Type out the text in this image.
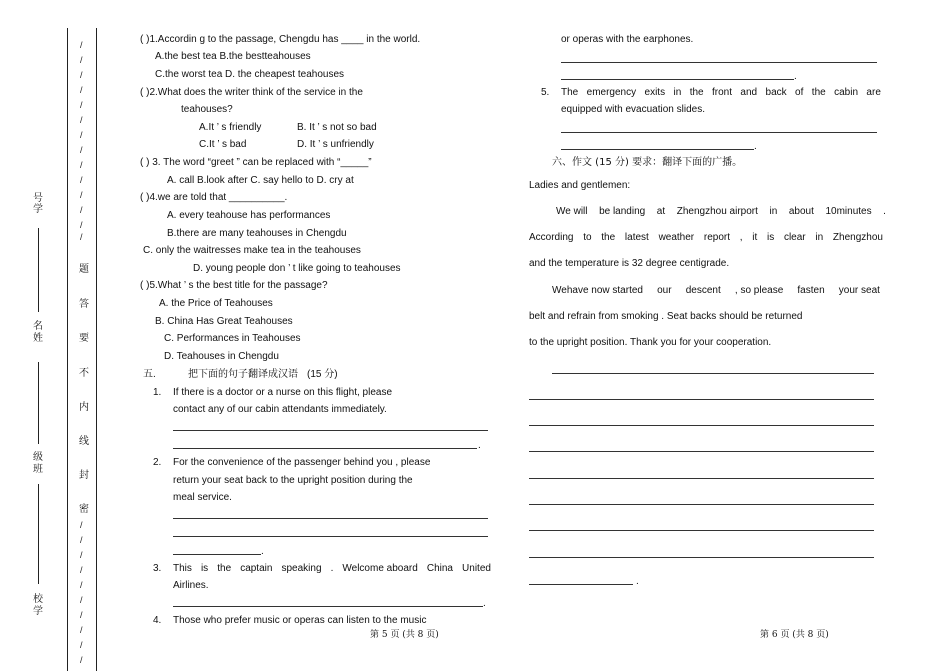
号
学
名
姓
级
班
校
学
/
/
/
/
/
/
/
/
/
/
/
/
/
/
/
/
/
/
/
/
/
/
/
/
题
答
要
不
内
线
封
密
( )1.Accordin g to the passage, Chengdu has ____ in the world.
A.the best tea B.the bestteahouses
C.the worst tea D. the cheapest teahouses
( )2.What does the writer think of the service in the
teahouses?
A.It ’ s friendly	B. It ’ s not so bad
C.It ’ s bad	D. It ’ s unfriendly
( ) 3. The word “greet ” can be replaced with “_____”
A. call B.look after C. say hello to D. cry at
( )4.we are told that __________.
A. every teahouse has performances
B.there are many teahouses in Chengdu
C. only the waitresses make tea in the teahouses
D. young people don ’ t like going to teahouses
( )5.What ’ s the best title for the passage?
A. the Price of Teahouses
B. China Has Great Teahouses
C. Performances in Teahouses
D. Teahouses in Chengdu
五.	把下面的句子翻译成汉语 (15 分)
1. If there is a doctor or a nurse on this flight, please
contact any of our cabin attendants immediately.
.
2. For the convenience of the passenger behind you , please
return your seat back to the upright position during the
meal service.
.
3. This is the captain speaking . Welcome aboard China United
Airlines.
.
4. Those who prefer music or operas can listen to the music
第 5 页 (共 8 页)
or operas with the earphones.
.
5. The emergency exits in the front and back of the cabin are
equipped with evacuation slides.
.
六、作文 (15 分) 要求：翻译下面的广播。
Ladies and gentlemen:
We will be landing at Zhengzhou airport in about 10minutes .
According to the latest weather report , it is clear in Zhengzhou
and the temperature is 32 degree centigrade.
Wehave now started our descent , so please fasten your seat
belt and refrain from smoking . Seat backs should be returned
to the upright position. Thank you for your cooperation.
.
第 6 页 (共 8 页)
